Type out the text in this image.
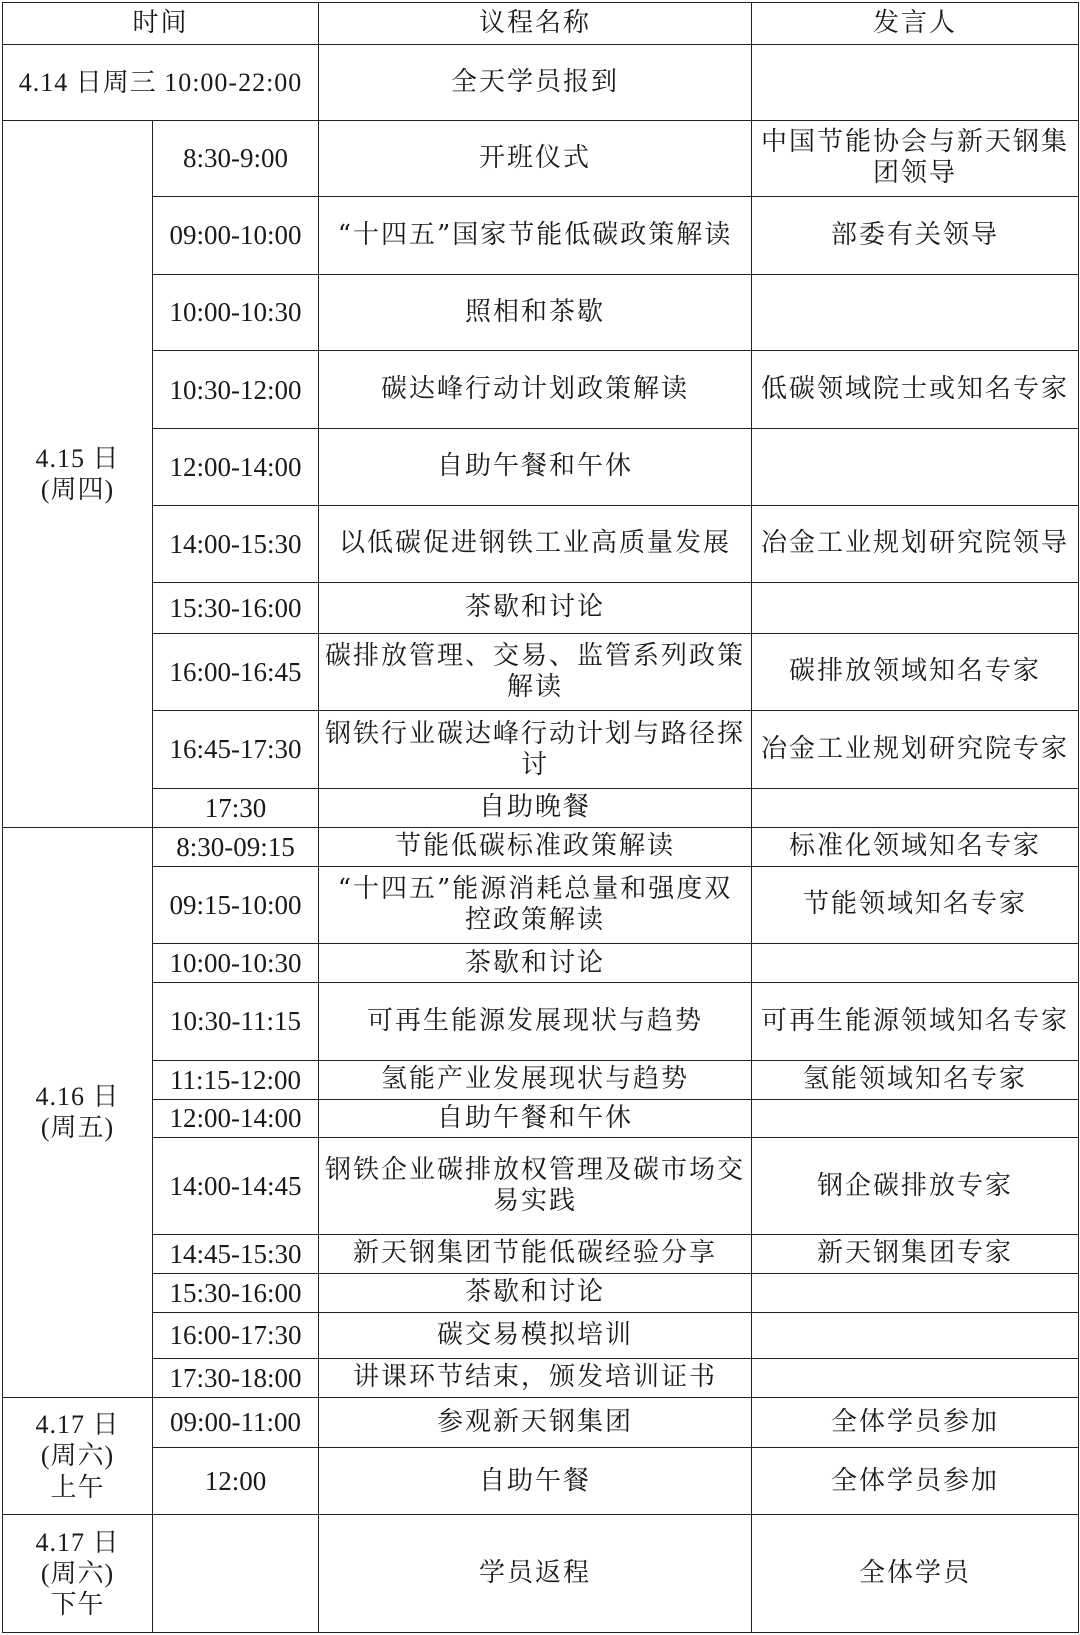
时间		议程名称	发言人
4.14 日周三 10:00-22:00		全天学员报到	

4.15 日
(周四)	8:30-9:00	开班仪式	中国节能协会与新天钢集团领导
	09:00-10:00	“十四五”国家节能低碳政策解读	部委有关领导
	10:00-10:30	照相和茶歇	
	10:30-12:00	碳达峰行动计划政策解读	低碳领域院士或知名专家
	12:00-14:00	自助午餐和午休	
	14:00-15:30	以低碳促进钢铁工业高质量发展	冶金工业规划研究院领导
	15:30-16:00	茶歇和讨论	
	16:00-16:45	碳排放管理、交易、监管系列政策解读	碳排放领域知名专家
	16:45-17:30	钢铁行业碳达峰行动计划与路径探讨	冶金工业规划研究院专家
	17:30	自助晚餐	

4.16 日
(周五)	8:30-09:15	节能低碳标准政策解读	标准化领域知名专家
	09:15-10:00	“十四五”能源消耗总量和强度双控政策解读	节能领域知名专家
	10:00-10:30	茶歇和讨论	
	10:30-11:15	可再生能源发展现状与趋势	可再生能源领域知名专家
	11:15-12:00	氢能产业发展现状与趋势	氢能领域知名专家
	12:00-14:00	自助午餐和午休	
	14:00-14:45	钢铁企业碳排放权管理及碳市场交易实践	钢企碳排放专家
	14:45-15:30	新天钢集团节能低碳经验分享	新天钢集团专家
	15:30-16:00	茶歇和讨论	
	16:00-17:30	碳交易模拟培训	
	17:30-18:00	讲课环节结束，颁发培训证书	

4.17 日
(周六)
上午	09:00-11:00	参观新天钢集团	全体学员参加
	12:00	自助午餐	全体学员参加

4.17 日
(周六)
下午		学员返程	全体学员
